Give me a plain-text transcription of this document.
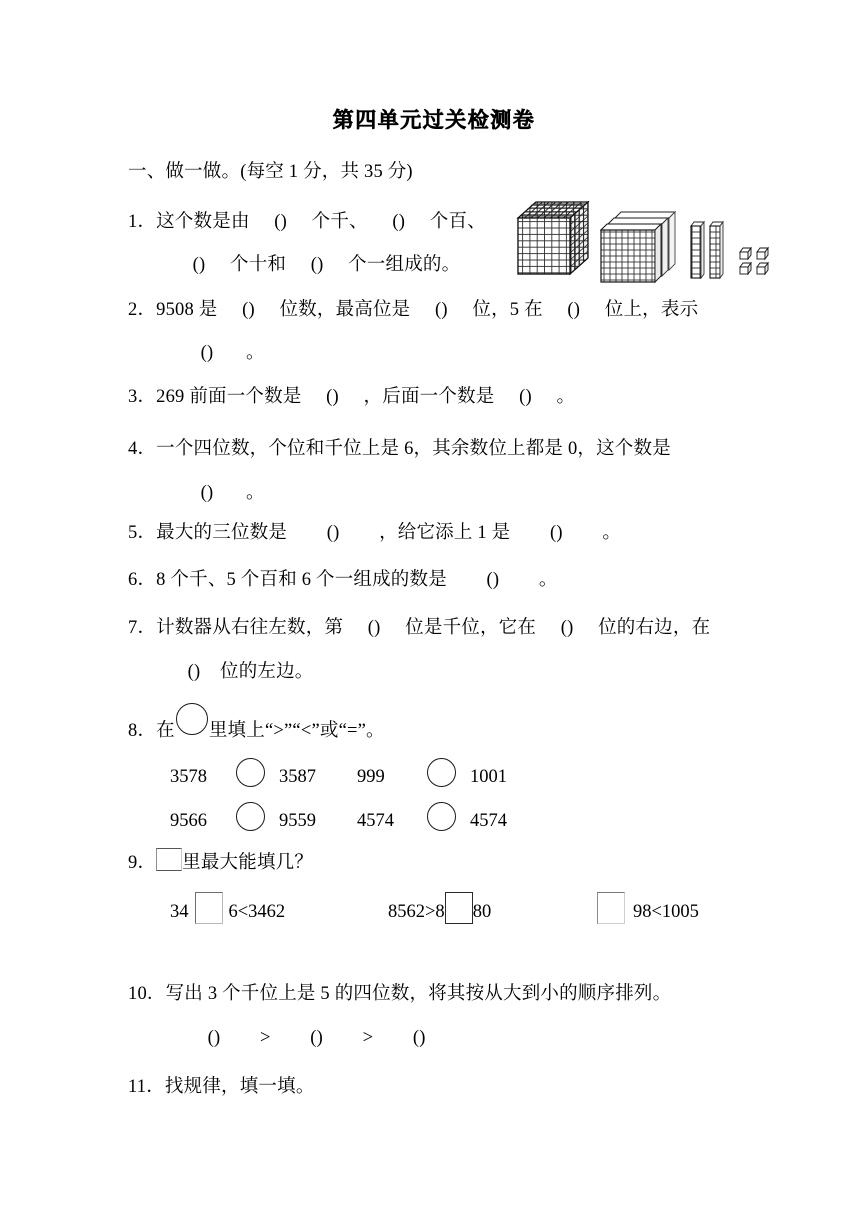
第四单元过关检测卷
一、做一做。(每空 1 分，共 35 分)
1．这个数是由 ( )	个千、 ( )	个百、
( )个十和 ( )	个一组成的。
2．9508 是 ( )	位数，最高位是 ( )	位，5 在 ( )	位上，表示
( )。
3．269 前面一个数是 ( )	，后面一个数是 ( )	。
4．一个四位数，个位和千位上是 6，其余数位上都是 0，这个数是
( )。
5．最大的三位数是 ( )	，给它添上 1 是 ( )	。
6．8 个千、5 个百和 6 个一组成的数是 ( )	。
7．计数器从右往左数，第 ( )	位是千位，它在 ( )	位的右边，在
( )位的左边。
8．在 里填上“>”“<”或“=”。
3578	3587 999	1001
9566	9559 4574	4574
9． 里最大能填几？
34 6<3462	8562>8 80	98<1005
10．写出 3 个千位上是 5 的四位数，将其按从大到小的顺序排列。
( )> ( )	>( )
11．找规律，填一填。
